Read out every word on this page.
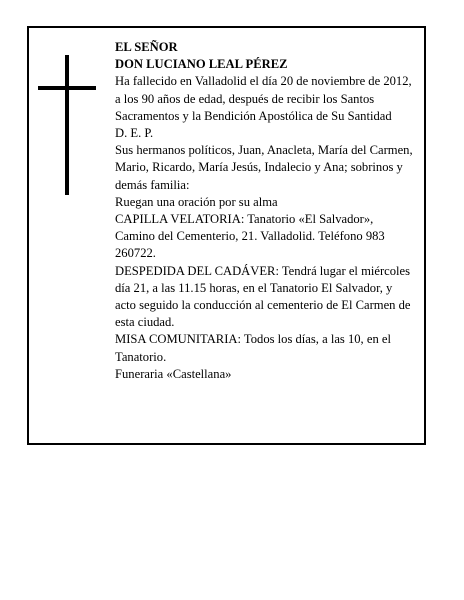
EL SEÑOR

DON LUCIANO LEAL PÉREZ

Ha fallecido en Valladolid el día 20 de noviembre de 2012, a los 90 años de edad, después de recibir los Santos Sacramentos y la Bendición Apostólica de Su Santidad

D. E. P.

Sus hermanos políticos, Juan, Anacleta, María del Carmen, Mario, Ricardo, María Jesús, Indalecio y Ana; sobrinos y demás familia:

Ruegan una oración por su alma

CAPILLA VELATORIA: Tanatorio «El Salvador», Camino del Cementerio, 21. Valladolid. Teléfono 983 260722.

DESPEDIDA DEL CADÁVER: Tendrá lugar el miércoles día 21, a las 11.15 horas, en el Tanatorio El Salvador, y acto seguido la conducción al cementerio de El Carmen de esta ciudad.

MISA COMUNITARIA: Todos los días, a las 10, en el Tanatorio.

Funeraria «Castellana»
